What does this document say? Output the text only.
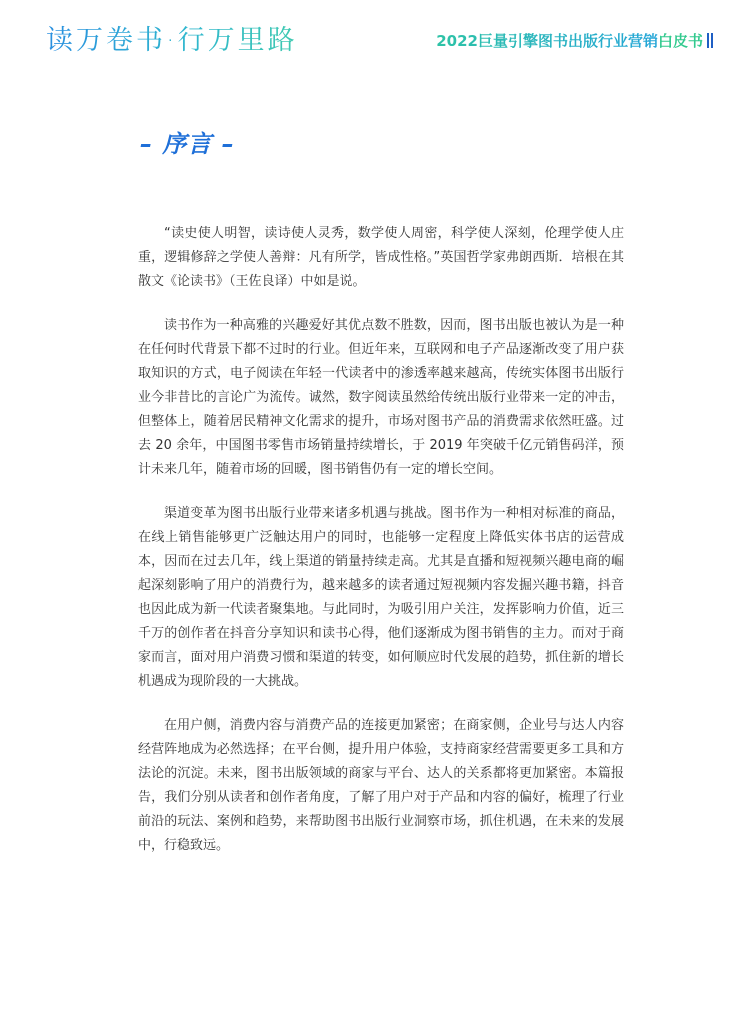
读万卷书·行万里路	2022巨量引擎图书出版行业营销 白皮书
– 序言 –

“读史使人明智，读诗使人灵秀，数学使人周密，科学使人深刻，伦理学使人庄重，逻辑修辞之学使人善辩：凡有所学，皆成性格。”英国哲学家弗朗西斯．培根在其散文《论读书》（王佐良译）中如是说。

读书作为一种高雅的兴趣爱好其优点数不胜数，因而，图书出版也被认为是一种在任何时代背景下都不过时的行业。但近年来，互联网和电子产品逐渐改变了用户获取知识的方式，电子阅读在年轻一代读者中的渗透率越来越高，传统实体图书出版行业今非昔比的言论广为流传。诚然，数字阅读虽然给传统出版行业带来一定的冲击，但整体上，随着居民精神文化需求的提升，市场对图书产品的消费需求依然旺盛。过去 20 余年，中国图书零售市场销量持续增长，于 2019 年突破千亿元销售码洋，预计未来几年，随着市场的回暖，图书销售仍有一定的增长空间。

渠道变革为图书出版行业带来诸多机遇与挑战。图书作为一种相对标准的商品，在线上销售能够更广泛触达用户的同时，也能够一定程度上降低实体书店的运营成本，因而在过去几年，线上渠道的销量持续走高。尤其是直播和短视频兴趣电商的崛起深刻影响了用户的消费行为，越来越多的读者通过短视频内容发掘兴趣书籍，抖音也因此成为新一代读者聚集地。与此同时，为吸引用户关注，发挥影响力价值，近三千万的创作者在抖音分享知识和读书心得，他们逐渐成为图书销售的主力。而对于商家而言，面对用户消费习惯和渠道的转变，如何顺应时代发展的趋势，抓住新的增长机遇成为现阶段的一大挑战。

在用户侧，消费内容与消费产品的连接更加紧密；在商家侧，企业号与达人内容经营阵地成为必然选择；在平台侧，提升用户体验，支持商家经营需要更多工具和方法论的沉淀。未来，图书出版领域的商家与平台、达人的关系都将更加紧密。本篇报告，我们分别从读者和创作者角度，了解了用户对于产品和内容的偏好，梳理了行业前沿的玩法、案例和趋势，来帮助图书出版行业洞察市场，抓住机遇，在未来的发展中，行稳致远。
